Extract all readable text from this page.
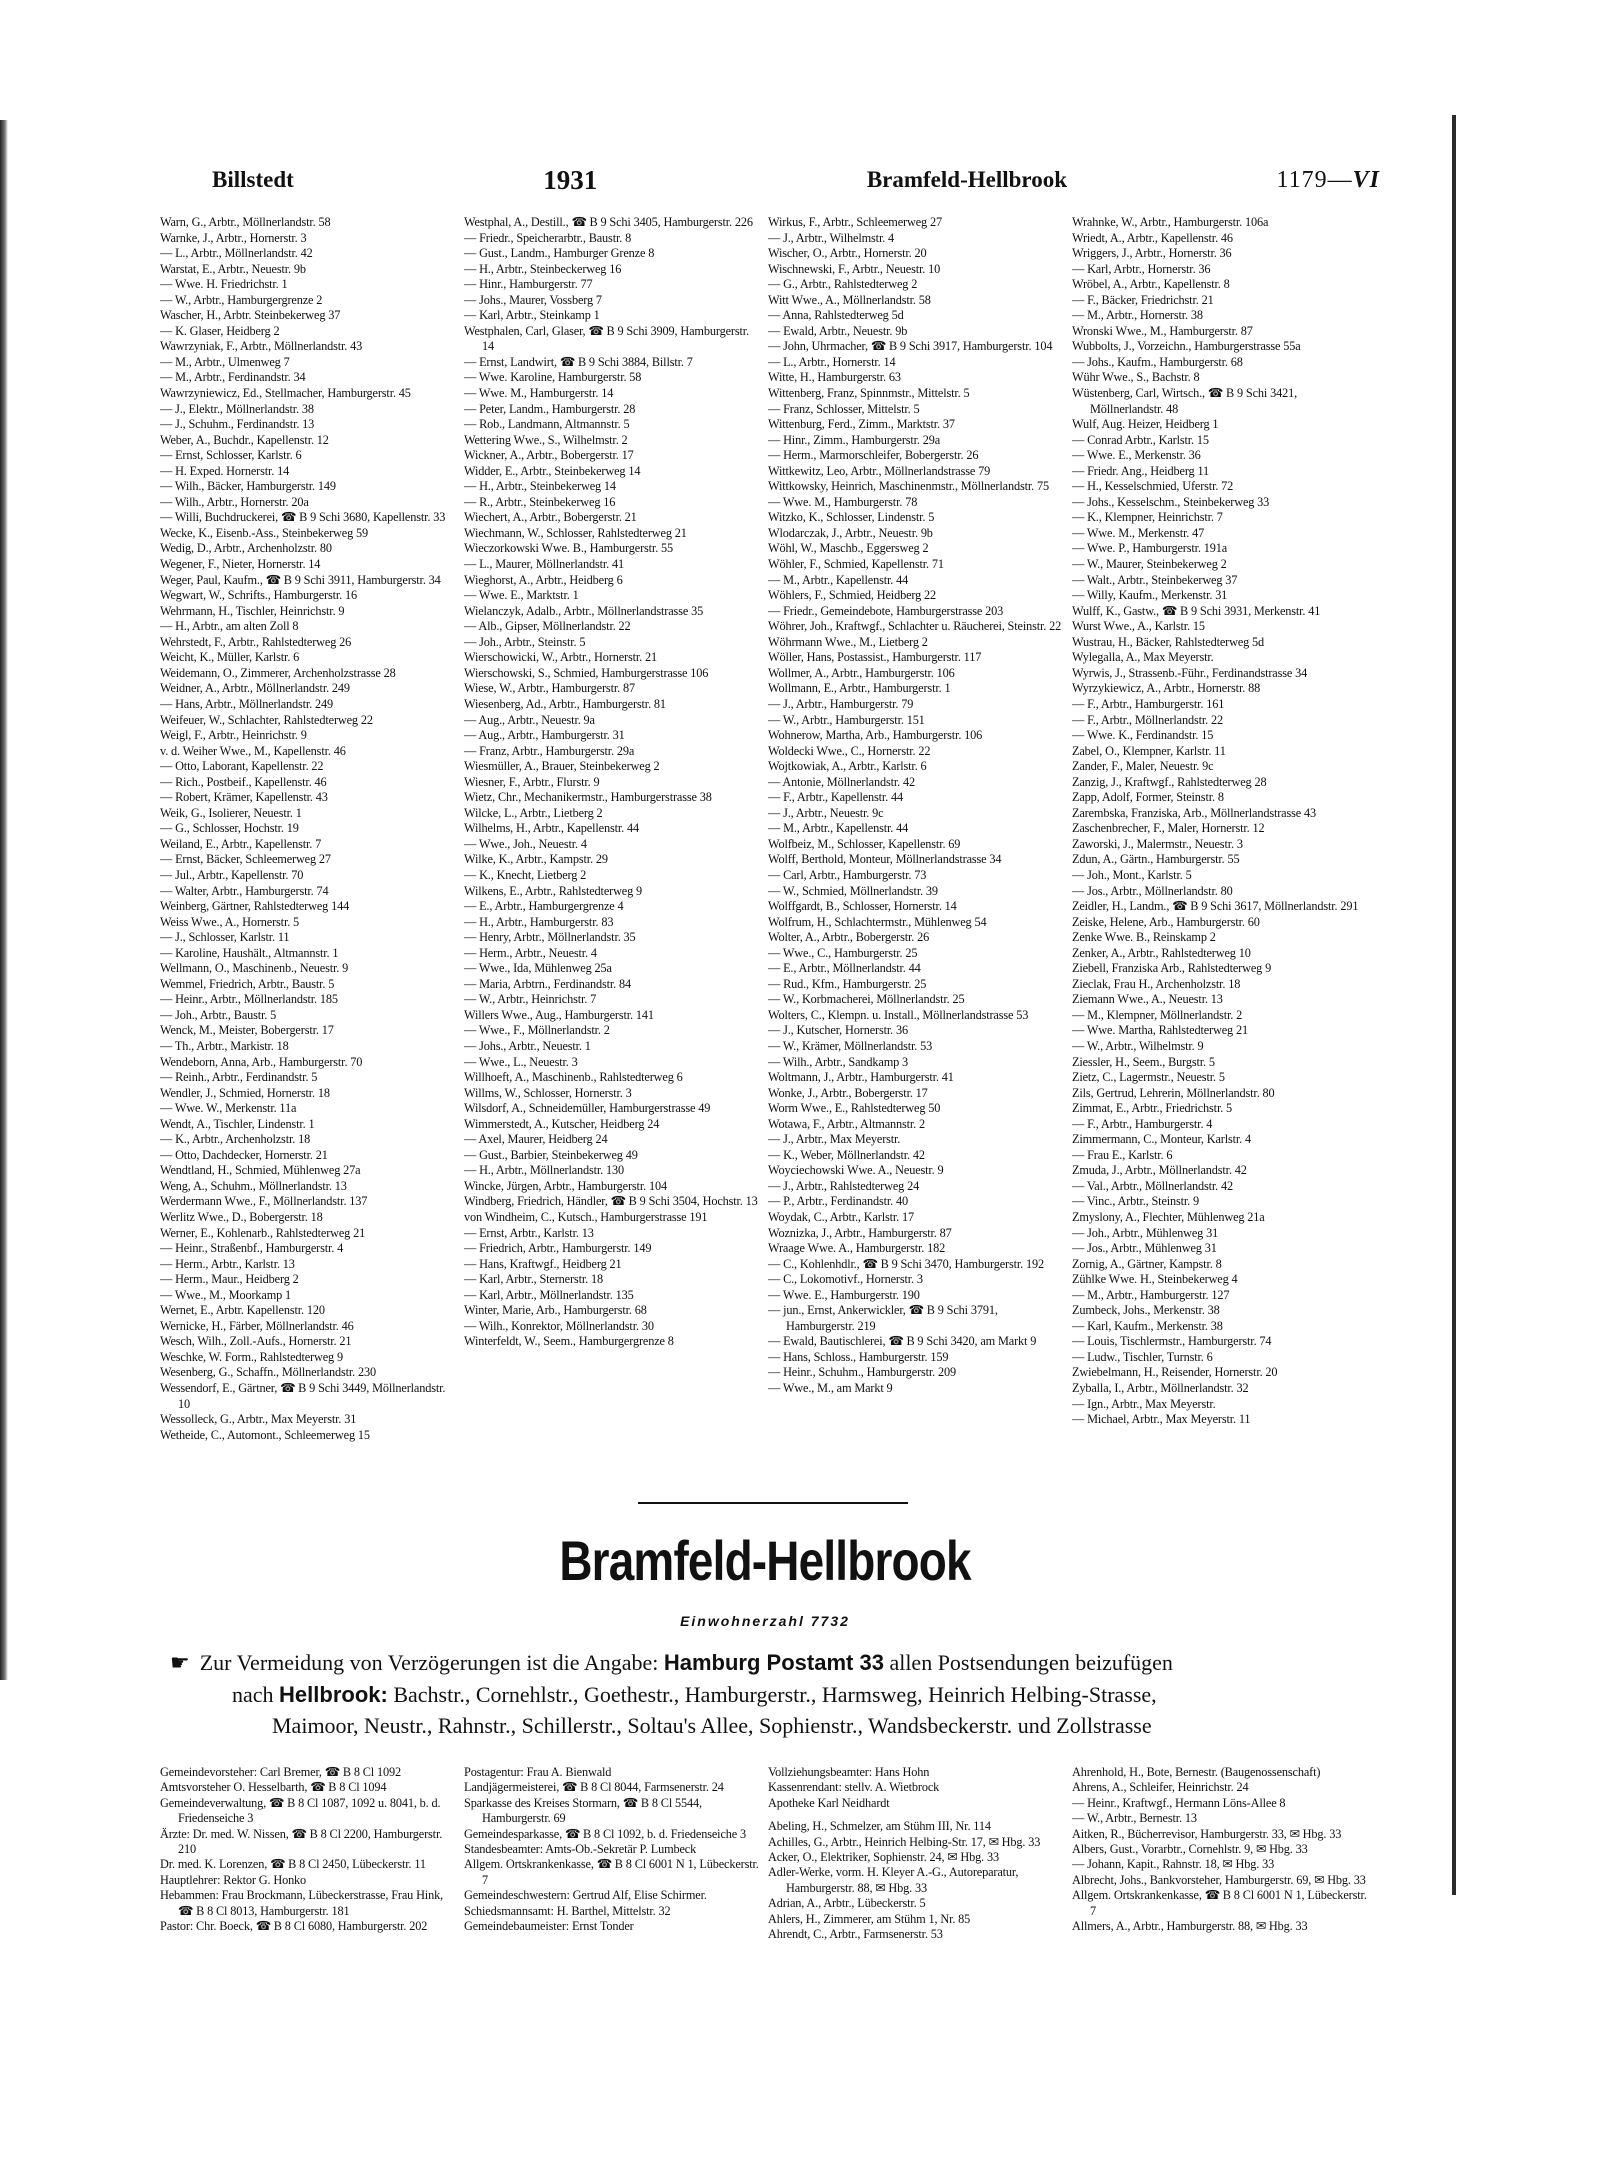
Billstedt	1931	Bramfeld-Hellbrook	1179—VI
Warn, G., Arbtr., Möllnerlandstr. 58
Warnke, J., Arbtr., Hornerstr. 3
— L., Arbtr., Möllnerlandstr. 42
Warstat, E., Arbtr., Neuestr. 9b
— Wwe. H. Friedrichstr. 1
— W., Arbtr., Hamburgergrenze 2
Wascher, H., Arbtr. Steinbekerweg 37
— K. Glaser, Heidberg 2
Wawrzyniak, F., Arbtr., Möllnerlandstr. 43
— M., Arbtr., Ulmenweg 7
— M., Arbtr., Ferdinandstr. 34
Wawrzyniewicz, Ed., Stellmacher, Hamburgerstr. 45
— J., Elektr., Möllnerlandstr. 38
— J., Schuhm., Ferdinandstr. 13
Weber, A., Buchdr., Kapellenstr. 12
— Ernst, Schlosser, Karlstr. 6
— H. Exped. Hornerstr. 14
— Wilh., Bäcker, Hamburgerstr. 149
— Wilh., Arbtr., Hornerstr. 20a
— Willi, Buchdruckerei, ☎ B 9 Schi 3680, Kapellenstr. 33
Wecke, K., Eisenb.-Ass., Steinbekerweg 59
Wedig, D., Arbtr., Archenholzstr. 80
Wegener, F., Nieter, Hornerstr. 14
Weger, Paul, Kaufm., ☎ B 9 Schi 3911, Hamburgerstr. 34
Wegwart, W., Schrifts., Hamburgerstr. 16
Wehrmann, H., Tischler, Heinrichstr. 9
— H., Arbtr., am alten Zoll 8
Wehrstedt, F., Arbtr., Rahlstedterweg 26
Weicht, K., Müller, Karlstr. 6
Weidemann, O., Zimmerer, Archenholzstrasse 28
Weidner, A., Arbtr., Möllnerlandstr. 249
— Hans, Arbtr., Möllnerlandstr. 249
Weifeuer, W., Schlachter, Rahlstedterweg 22
Weigl, F., Arbtr., Heinrichstr. 9
v. d. Weiher Wwe., M., Kapellenstr. 46
— Otto, Laborant, Kapellenstr. 22
— Rich., Postbeif., Kapellenstr. 46
— Robert, Krämer, Kapellenstr. 43
Weik, G., Isolierer, Neuestr. 1
— G., Schlosser, Hochstr. 19
Weiland, E., Arbtr., Kapellenstr. 7
— Ernst, Bäcker, Schleemerweg 27
— Jul., Arbtr., Kapellenstr. 70
— Walter, Arbtr., Hamburgerstr. 74
Weinberg, Gärtner, Rahlstedterweg 144
Weiss Wwe., A., Hornerstr. 5
— J., Schlosser, Karlstr. 11
— Karoline, Haushält., Altmannstr. 1
Wellmann, O., Maschinenb., Neuestr. 9
Wemmel, Friedrich, Arbtr., Baustr. 5
— Heinr., Arbtr., Möllnerlandstr. 185
— Joh., Arbtr., Baustr. 5
Wenck, M., Meister, Bobergerstr. 17
— Th., Arbtr., Markistr. 18
Wendeborn, Anna, Arb., Hamburgerstr. 70
— Reinh., Arbtr., Ferdinandstr. 5
Wendler, J., Schmied, Hornerstr. 18
— Wwe. W., Merkenstr. 11a
Wendt, A., Tischler, Lindenstr. 1
— K., Arbtr., Archenholzstr. 18
— Otto, Dachdecker, Hornerstr. 21
Wendtland, H., Schmied, Mühlenweg 27a
Weng, A., Schuhm., Möllnerlandstr. 13
Werdermann Wwe., F., Möllnerlandstr. 137
Werlitz Wwe., D., Bobergerstr. 18
Werner, E., Kohlenarb., Rahlstedterweg 21
— Heinr., Straßenbf., Hamburgerstr. 4
— Herm., Arbtr., Karlstr. 13
— Herm., Maur., Heidberg 2
— Wwe., M., Moorkamp 1
Wernet, E., Arbtr. Kapellenstr. 120
Wernicke, H., Färber, Möllnerlandstr. 46
Wesch, Wilh., Zoll.-Aufs., Hornerstr. 21
Weschke, W. Form., Rahlstedterweg 9
Wesenberg, G., Schaffn., Möllnerlandstr. 230
Wessendorf, E., Gärtner, ☎ B 9 Schi 3449, Möllnerlandstr. 10
Wessolleck, G., Arbtr., Max Meyerstr. 31
Wetheide, C., Automont., Schleemerweg 15
Westphal, A., Destill., ☎ B 9 Schi 3405, Hamburgerstr. 226
— Friedr., Speicherarbtr., Baustr. 8
— Gust., Landm., Hamburger Grenze 8
— H., Arbtr., Steinbeckerweg 16
— Hinr., Hamburgerstr. 77
— Johs., Maurer, Vossberg 7
— Karl, Arbtr., Steinkamp 1
Westphalen, Carl, Glaser, ☎ B 9 Schi 3909, Hamburgerstr. 14
— Ernst, Landwirt, ☎ B 9 Schi 3884, Billstr. 7
— Wwe. Karoline, Hamburgerstr. 58
— Wwe. M., Hamburgerstr. 14
— Peter, Landm., Hamburgerstr. 28
— Rob., Landmann, Altmannstr. 5
Wettering Wwe., S., Wilhelmstr. 2
Wickner, A., Arbtr., Bobergerstr. 17
Widder, E., Arbtr., Steinbekerweg 14
— H., Arbtr., Steinbekerweg 14
— R., Arbtr., Steinbekerweg 16
Wiechert, A., Arbtr., Bobergerstr. 21
Wiechmann, W., Schlosser, Rahlstedterweg 21
Wieczorkowski Wwe. B., Hamburgerstr. 55
— L., Maurer, Möllnerlandstr. 41
Wieghorst, A., Arbtr., Heidberg 6
— Wwe. E., Marktstr. 1
Wielanczyk, Adalb., Arbtr., Möllnerlandstrasse 35
— Alb., Gipser, Möllnerlandstr. 22
— Joh., Arbtr., Steinstr. 5
Wierschowicki, W., Arbtr., Hornerstr. 21
Wierschowski, S., Schmied, Hamburgerstrasse 106
Wiese, W., Arbtr., Hamburgerstr. 87
Wiesenberg, Ad., Arbtr., Hamburgerstr. 81
— Aug., Arbtr., Neuestr. 9a
— Aug., Arbtr., Hamburgerstr. 31
— Franz, Arbtr., Hamburgerstr. 29a
Wiesmüller, A., Brauer, Steinbekerweg 2
Wiesner, F., Arbtr., Flurstr. 9
Wietz, Chr., Mechanikermstr., Hamburgerstrasse 38
Wilcke, L., Arbtr., Lietberg 2
Wilhelms, H., Arbtr., Kapellenstr. 44
— Wwe., Joh., Neuestr. 4
Wilke, K., Arbtr., Kampstr. 29
— K., Knecht, Lietberg 2
Wilkens, E., Arbtr., Rahlstedterweg 9
— E., Arbtr., Hamburgergrenze 4
— H., Arbtr., Hamburgerstr. 83
— Henry, Arbtr., Möllnerlandstr. 35
— Herm., Arbtr., Neuestr. 4
— Wwe., Ida, Mühlenweg 25a
— Maria, Arbtrn., Ferdinandstr. 84
— W., Arbtr., Heinrichstr. 7
Willers Wwe., Aug., Hamburgerstr. 141
— Wwe., F., Möllnerlandstr. 2
— Johs., Arbtr., Neuestr. 1
— Wwe., L., Neuestr. 3
Willhoeft, A., Maschinenb., Rahlstedterweg 6
Willms, W., Schlosser, Hornerstr. 3
Wilsdorf, A., Schneidemüller, Hamburgerstrasse 49
Wimmerstedt, A., Kutscher, Heidberg 24
— Axel, Maurer, Heidberg 24
— Gust., Barbier, Steinbekerweg 49
— H., Arbtr., Möllnerlandstr. 130
Wincke, Jürgen, Arbtr., Hamburgerstr. 104
Windberg, Friedrich, Händler, ☎ B 9 Schi 3504, Hochstr. 13
von Windheim, C., Kutsch., Hamburgerstrasse 191
— Ernst, Arbtr., Karlstr. 13
— Friedrich, Arbtr., Hamburgerstr. 149
— Hans, Kraftwgf., Heidberg 21
— Karl, Arbtr., Sternerstr. 18
— Karl, Arbtr., Möllnerlandstr. 135
Winter, Marie, Arb., Hamburgerstr. 68
— Wilh., Konrektor, Möllnerlandstr. 30
Winterfeldt, W., Seem., Hamburgergrenze 8
Wirkus, F., Arbtr., Schleemerweg 27
— J., Arbtr., Wilhelmstr. 4
Wischer, O., Arbtr., Hornerstr. 20
Wischnewski, F., Arbtr., Neuestr. 10
— G., Arbtr., Rahlstedterweg 2
Witt Wwe., A., Möllnerlandstr. 58
— Anna, Rahlstedterweg 5d
— Ewald, Arbtr., Neuestr. 9b
— John, Uhrmacher, ☎ B 9 Schi 3917, Hamburgerstr. 104
— L., Arbtr., Hornerstr. 14
Witte, H., Hamburgerstr. 63
Wittenberg, Franz, Spinnmstr., Mittelstr. 5
— Franz, Schlosser, Mittelstr. 5
Wittenburg, Ferd., Zimm., Marktstr. 37
— Hinr., Zimm., Hamburgerstr. 29a
— Herm., Marmorschleifer, Bobergerstr. 26
Wittkewitz, Leo, Arbtr., Möllnerlandstrasse 79
Wittkowsky, Heinrich, Maschinenmstr., Möllnerlandstr. 75
— Wwe. M., Hamburgerstr. 78
Witzko, K., Schlosser, Lindenstr. 5
Wlodarczak, J., Arbtr., Neuestr. 9b
Wöhl, W., Maschb., Eggersweg 2
Wöhler, F., Schmied, Kapellenstr. 71
— M., Arbtr., Kapellenstr. 44
Wöhlers, F., Schmied, Heidberg 22
— Friedr., Gemeindebote, Hamburgerstrasse 203
Wöhrer, Joh., Kraftwgf., Schlachter u. Räucherei, Steinstr. 22
Wöhrmann Wwe., M., Lietberg 2
Wöller, Hans, Postassist., Hamburgerstr. 117
Wollmer, A., Arbtr., Hamburgerstr. 106
Wollmann, E., Arbtr., Hamburgerstr. 1
— J., Arbtr., Hamburgerstr. 79
— W., Arbtr., Hamburgerstr. 151
Wohnerow, Martha, Arb., Hamburgerstr. 106
Woldecki Wwe., C., Hornerstr. 22
Wojtkowiak, A., Arbtr., Karlstr. 6
— Antonie, Möllnerlandstr. 42
— F., Arbtr., Kapellenstr. 44
— J., Arbtr., Neuestr. 9c
— M., Arbtr., Kapellenstr. 44
Wolfbeiz, M., Schlosser, Kapellenstr. 69
Wolff, Berthold, Monteur, Möllnerlandstrasse 34
— Carl, Arbtr., Hamburgerstr. 73
— W., Schmied, Möllnerlandstr. 39
Wolffgardt, B., Schlosser, Hornerstr. 14
Wolfrum, H., Schlachtermstr., Mühlenweg 54
Wolter, A., Arbtr., Bobergerstr. 26
— Wwe., C., Hamburgerstr. 25
— E., Arbtr., Möllnerlandstr. 44
— Rud., Kfm., Hamburgerstr. 25
— W., Korbmacherei, Möllnerlandstr. 25
Wolters, C., Klempn. u. Install., Möllnerlandstrasse 53
— J., Kutscher, Hornerstr. 36
— W., Krämer, Möllnerlandstr. 53
— Wilh., Arbtr., Sandkamp 3
Woltmann, J., Arbtr., Hamburgerstr. 41
Wonke, J., Arbtr., Bobergerstr. 17
Worm Wwe., E., Rahlstedterweg 50
Wotawa, F., Arbtr., Altmannstr. 2
— J., Arbtr., Max Meyerstr.
— K., Weber, Möllnerlandstr. 42
Woyciechowski Wwe. A., Neuestr. 9
— J., Arbtr., Rahlstedterweg 24
— P., Arbtr., Ferdinandstr. 40
Woydak, C., Arbtr., Karlstr. 17
Woznizka, J., Arbtr., Hamburgerstr. 87
Wraage Wwe. A., Hamburgerstr. 182
— C., Kohlenhdlr., ☎ B 9 Schi 3470, Hamburgerstr. 192
— C., Lokomotivf., Hornerstr. 3
— Wwe. E., Hamburgerstr. 190
— jun., Ernst, Ankerwickler, ☎ B 9 Schi 3791, Hamburgerstr. 219
— Ewald, Bautischlerei, ☎ B 9 Schi 3420, am Markt 9
— Hans, Schloss., Hamburgerstr. 159
— Heinr., Schuhm., Hamburgerstr. 209
— Wwe., M., am Markt 9
Wrahnke, W., Arbtr., Hamburgerstr. 106a
Wriedt, A., Arbtr., Kapellenstr. 46
Wriggers, J., Arbtr., Hornerstr. 36
— Karl, Arbtr., Hornerstr. 36
Wröbel, A., Arbtr., Kapellenstr. 8
— F., Bäcker, Friedrichstr. 21
— M., Arbtr., Hornerstr. 38
Wronski Wwe., M., Hamburgerstr. 87
Wubbolts, J., Vorzeichn., Hamburgerstrasse 55a
— Johs., Kaufm., Hamburgerstr. 68
Wühr Wwe., S., Bachstr. 8
Wüstenberg, Carl, Wirtsch., ☎ B 9 Schi 3421, Möllnerlandstr. 48
Wulf, Aug. Heizer, Heidberg 1
— Conrad Arbtr., Karlstr. 15
— Wwe. E., Merkenstr. 36
— Friedr. Ang., Heidberg 11
— H., Kesselschmied, Uferstr. 72
— Johs., Kesselschm., Steinbekerweg 33
— K., Klempner, Heinrichstr. 7
— Wwe. M., Merkenstr. 47
— Wwe. P., Hamburgerstr. 191a
— W., Maurer, Steinbekerweg 2
— Walt., Arbtr., Steinbekerweg 37
— Willy, Kaufm., Merkenstr. 31
Wulff, K., Gastw., ☎ B 9 Schi 3931, Merkenstr. 41
Wurst Wwe., A., Karlstr. 15
Wustrau, H., Bäcker, Rahlstedterweg 5d
Wylegalla, A., Max Meyerstr.
Wyrwis, J., Strassenb.-Führ., Ferdinandstrasse 34
Wyrzykiewicz, A., Arbtr., Hornerstr. 88
— F., Arbtr., Hamburgerstr. 161
— F., Arbtr., Möllnerlandstr. 22
— Wwe. K., Ferdinandstr. 15
Zabel, O., Klempner, Karlstr. 11
Zander, F., Maler, Neuestr. 9c
Zanzig, J., Kraftwgf., Rahlstedterweg 28
Zapp, Adolf, Former, Steinstr. 8
Zarembska, Franziska, Arb., Möllnerlandstrasse 43
Zaschenbrecher, F., Maler, Hornerstr. 12
Zaworski, J., Malermstr., Neuestr. 3
Zdun, A., Gärtn., Hamburgerstr. 55
— Joh., Mont., Karlstr. 5
— Jos., Arbtr., Möllnerlandstr. 80
Zeidler, H., Landm., ☎ B 9 Schi 3617, Möllnerlandstr. 291
Zeiske, Helene, Arb., Hamburgerstr. 60
Zenke Wwe. B., Reinskamp 2
Zenker, A., Arbtr., Rahlstedterweg 10
Ziebell, Franziska Arb., Rahlstedterweg 9
Zieclak, Frau H., Archenholzstr. 18
Ziemann Wwe., A., Neuestr. 13
— M., Klempner, Möllnerlandstr. 2
— Wwe. Martha, Rahlstedterweg 21
— W., Arbtr., Wilhelmstr. 9
Ziessler, H., Seem., Burgstr. 5
Zietz, C., Lagermstr., Neuestr. 5
Zils, Gertrud, Lehrerin, Möllnerlandstr. 80
Zimmat, E., Arbtr., Friedrichstr. 5
— F., Arbtr., Hamburgerstr. 4
Zimmermann, C., Monteur, Karlstr. 4
— Frau E., Karlstr. 6
Zmuda, J., Arbtr., Möllnerlandstr. 42
— Val., Arbtr., Möllnerlandstr. 42
— Vinc., Arbtr., Steinstr. 9
Zmyslony, A., Flechter, Mühlenweg 21a
— Joh., Arbtr., Mühlenweg 31
— Jos., Arbtr., Mühlenweg 31
Zornig, A., Gärtner, Kampstr. 8
Zühlke Wwe. H., Steinbekerweg 4
— M., Arbtr., Hamburgerstr. 127
Zumbeck, Johs., Merkenstr. 38
— Karl, Kaufm., Merkenstr. 38
— Louis, Tischlermstr., Hamburgerstr. 74
— Ludw., Tischler, Turnstr. 6
Zwiebelmann, H., Reisender, Hornerstr. 20
Zyballa, I., Arbtr., Möllnerlandstr. 32
— Ign., Arbtr., Max Meyerstr.
— Michael, Arbtr., Max Meyerstr. 11
Bramfeld-Hellbrook
Einwohnerzahl 7732
☛ Zur Vermeidung von Verzögerungen ist die Angabe: Hamburg Postamt 33 allen Postsendungen beizufügen
nach Hellbrook: Bachstr., Cornehlstr., Goethestr., Hamburgerstr., Harmsweg, Heinrich Helbing-Strasse,
Maimoor, Neustr., Rahnstr., Schillerstr., Soltau's Allee, Sophienstr., Wandsbeckerstr. und Zollstrasse
Gemeindevorsteher: Carl Bremer, ☎ B 8 Cl 1092
Amtsvorsteher O. Hesselbarth, ☎ B 8 Cl 1094
Gemeindeverwaltung, ☎ B 8 Cl 1087, 1092 u. 8041, b. d. Friedenseiche 3
Ärzte: Dr. med. W. Nissen, ☎ B 8 Cl 2200, Hamburgerstr. 210
Dr. med. K. Lorenzen, ☎ B 8 Cl 2450, Lübeckerstr. 11
Hauptlehrer: Rektor G. Honko
Hebammen: Frau Brockmann, Lübeckerstrasse, Frau Hink, ☎ B 8 Cl 8013, Hamburgerstr. 181
Pastor: Chr. Boeck, ☎ B 8 Cl 6080, Hamburgerstr. 202
Postagentur: Frau A. Bienwald
Landjägermeisterei, ☎ B 8 Cl 8044, Farmsenerstr. 24
Sparkasse des Kreises Stormarn, ☎ B 8 Cl 5544, Hamburgerstr. 69
Gemeindesparkasse, ☎ B 8 Cl 1092, b. d. Friedenseiche 3
Standesbeamter: Amts-Ob.-Sekretär P. Lumbeck
Allgem. Ortskrankenkasse, ☎ B 8 Cl 6001 N 1, Lübeckerstr. 7
Gemeindeschwestern: Gertrud Alf, Elise Schirmer.
Schiedsmannsamt: H. Barthel, Mittelstr. 32
Gemeindebaumeister: Ernst Tonder
Vollziehungsbeamter: Hans Hohn
Kassenrendant: stellv. A. Wietbrock
Apotheke Karl Neidhardt
Abeling, H., Schmelzer, am Stühm III, Nr. 114
Achilles, G., Arbtr., Heinrich Helbing-Str. 17, ✉ Hbg. 33
Acker, O., Elektriker, Sophienstr. 24, ✉ Hbg. 33
Adler-Werke, vorm. H. Kleyer A.-G., Autoreparatur, Hamburgerstr. 88, ✉ Hbg. 33
Adrian, A., Arbtr., Lübeckerstr. 5
Ahlers, H., Zimmerer, am Stühm 1, Nr. 85
Ahrendt, C., Arbtr., Farmsenerstr. 53
Ahrenhold, H., Bote, Bernestr. (Baugenossenschaft)
Ahrens, A., Schleifer, Heinrichstr. 24
— Heinr., Kraftwgf., Hermann Löns-Allee 8
— W., Arbtr., Bernestr. 13
Aitken, R., Bücherrevisor, Hamburgerstr. 33, ✉ Hbg. 33
Albers, Gust., Vorarbtr., Cornehlstr. 9, ✉ Hbg. 33
— Johann, Kapit., Rahnstr. 18, ✉ Hbg. 33
Albrecht, Johs., Bankvorsteher, Hamburgerstr. 69, ✉ Hbg. 33
Allgem. Ortskrankenkasse, ☎ B 8 Cl 6001 N 1, Lübeckerstr. 7
Allmers, A., Arbtr., Hamburgerstr. 88, ✉ Hbg. 33
